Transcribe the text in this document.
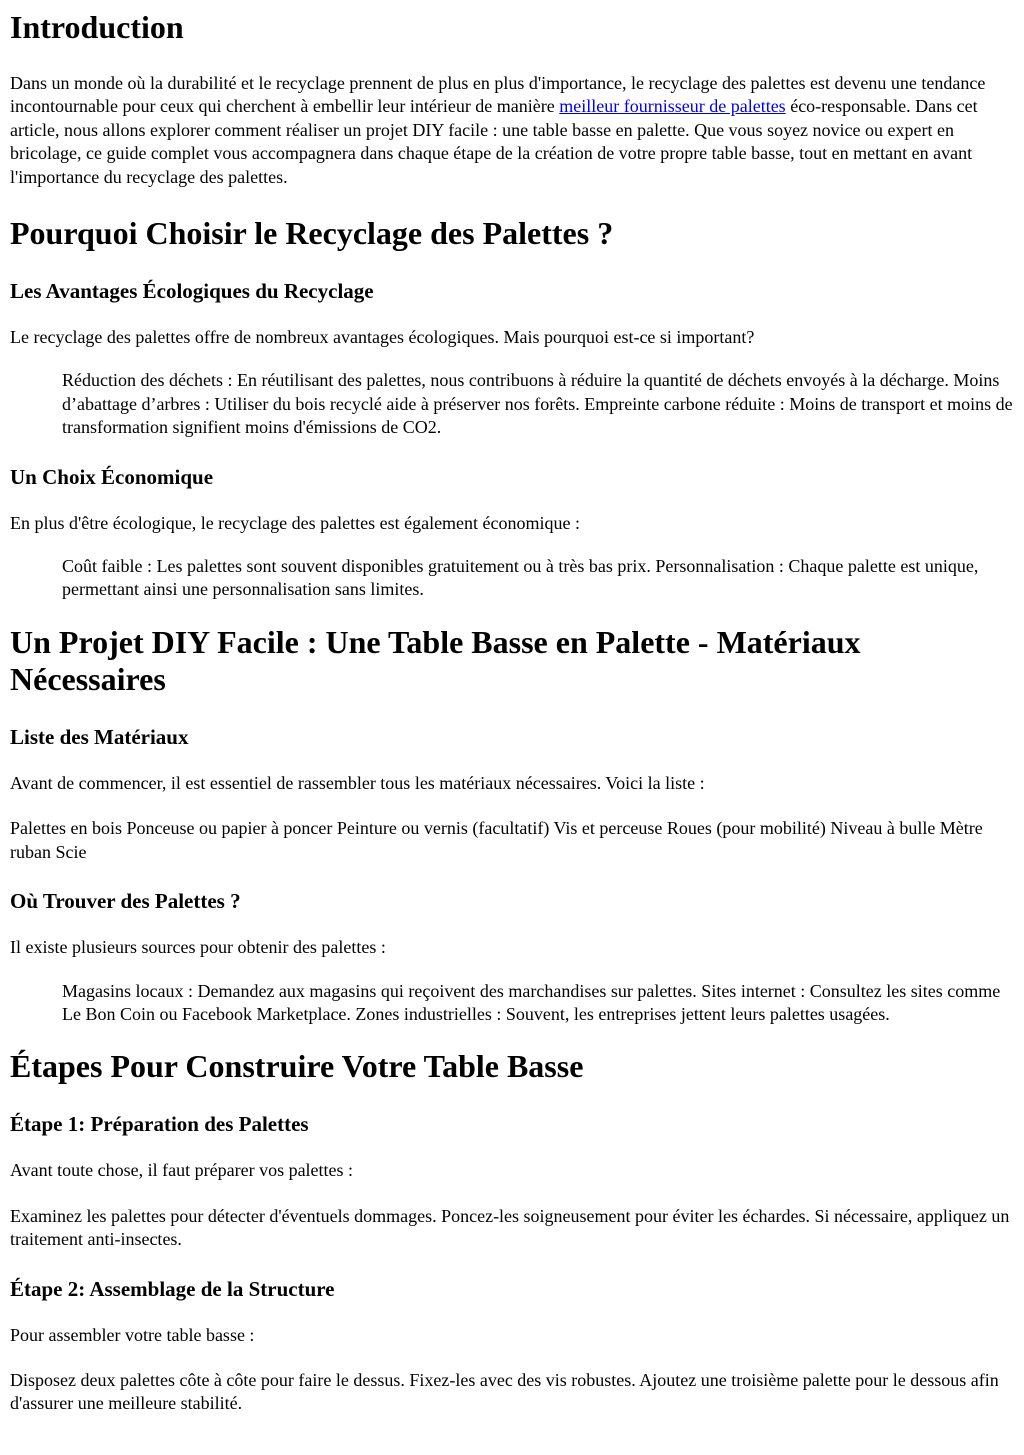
Introduction

Dans un monde où la durabilité et le recyclage prennent de plus en plus d'importance, le recyclage des palettes est devenu une tendance incontournable pour ceux qui cherchent à embellir leur intérieur de manière meilleur fournisseur de palettes éco-responsable. Dans cet article, nous allons explorer comment réaliser un projet DIY facile : une table basse en palette. Que vous soyez novice ou expert en bricolage, ce guide complet vous accompagnera dans chaque étape de la création de votre propre table basse, tout en mettant en avant l'importance du recyclage des palettes.

Pourquoi Choisir le Recyclage des Palettes ?
Les Avantages Écologiques du Recyclage

Le recyclage des palettes offre de nombreux avantages écologiques. Mais pourquoi est-ce si important?

Réduction des déchets : En réutilisant des palettes, nous contribuons à réduire la quantité de déchets envoyés à la décharge. Moins d’abattage d’arbres : Utiliser du bois recyclé aide à préserver nos forêts. Empreinte carbone réduite : Moins de transport et moins de transformation signifient moins d'émissions de CO2.
Un Choix Économique

En plus d'être écologique, le recyclage des palettes est également économique :

Coût faible : Les palettes sont souvent disponibles gratuitement ou à très bas prix. Personnalisation : Chaque palette est unique, permettant ainsi une personnalisation sans limites.
Un Projet DIY Facile : Une Table Basse en Palette - Matériaux Nécessaires
Liste des Matériaux

Avant de commencer, il est essentiel de rassembler tous les matériaux nécessaires. Voici la liste :

Palettes en bois Ponceuse ou papier à poncer Peinture ou vernis (facultatif) Vis et perceuse Roues (pour mobilité) Niveau à bulle Mètre ruban Scie

Où Trouver des Palettes ?

Il existe plusieurs sources pour obtenir des palettes :

Magasins locaux : Demandez aux magasins qui reçoivent des marchandises sur palettes. Sites internet : Consultez les sites comme Le Bon Coin ou Facebook Marketplace. Zones industrielles : Souvent, les entreprises jettent leurs palettes usagées.
Étapes Pour Construire Votre Table Basse
Étape 1: Préparation des Palettes

Avant toute chose, il faut préparer vos palettes :

Examinez les palettes pour détecter d'éventuels dommages. Poncez-les soigneusement pour éviter les échardes. Si nécessaire, appliquez un traitement anti-insectes.

Étape 2: Assemblage de la Structure

Pour assembler votre table basse :

Disposez deux palettes côte à côte pour faire le dessus. Fixez-les avec des vis robustes. Ajoutez une troisième palette pour le dessous afin d'assurer une meilleure stabilité.
